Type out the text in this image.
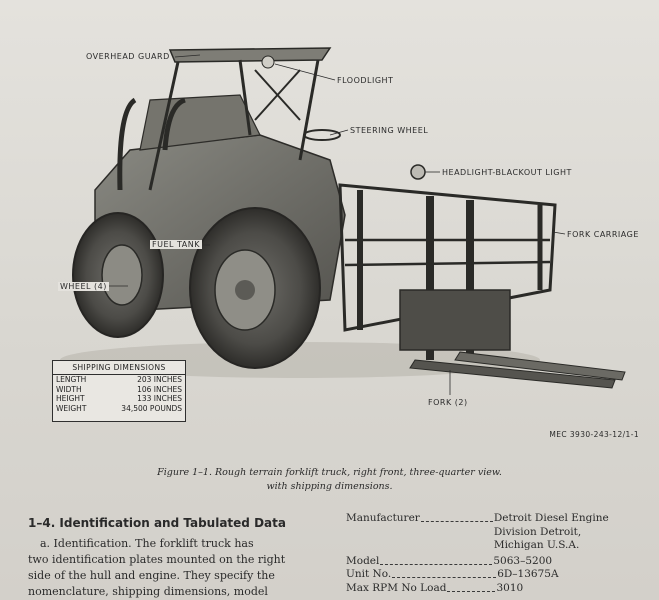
OVERHEAD GUARD
FLOODLIGHT
STEERING WHEEL
HEADLIGHT-BLACKOUT LIGHT
FORK CARRIAGE
FUEL TANK
WHEEL (4)
FORK (2)
SHIPPING DIMENSIONS
LENGTH	203 INCHES
WIDTH	106 INCHES
HEIGHT	133 INCHES
WEIGHT	34,500 POUNDS
MEC 3930-243-12/1-1
Figure 1–1. Rough terrain forklift truck, right front, three-quarter view.
with shipping dimensions.
1–4. Identification and Tabulated Data

a. Identification. The forklift truck has

two identification plates mounted on the right
side of the hull and engine. They specify the
nomenclature, shipping dimensions, model
Manufacturer	Detroit Diesel Engine
Division Detroit,
Michigan U.S.A.
Model	5063–5200
Unit No.	6D–13675A
Max RPM No Load	3010
